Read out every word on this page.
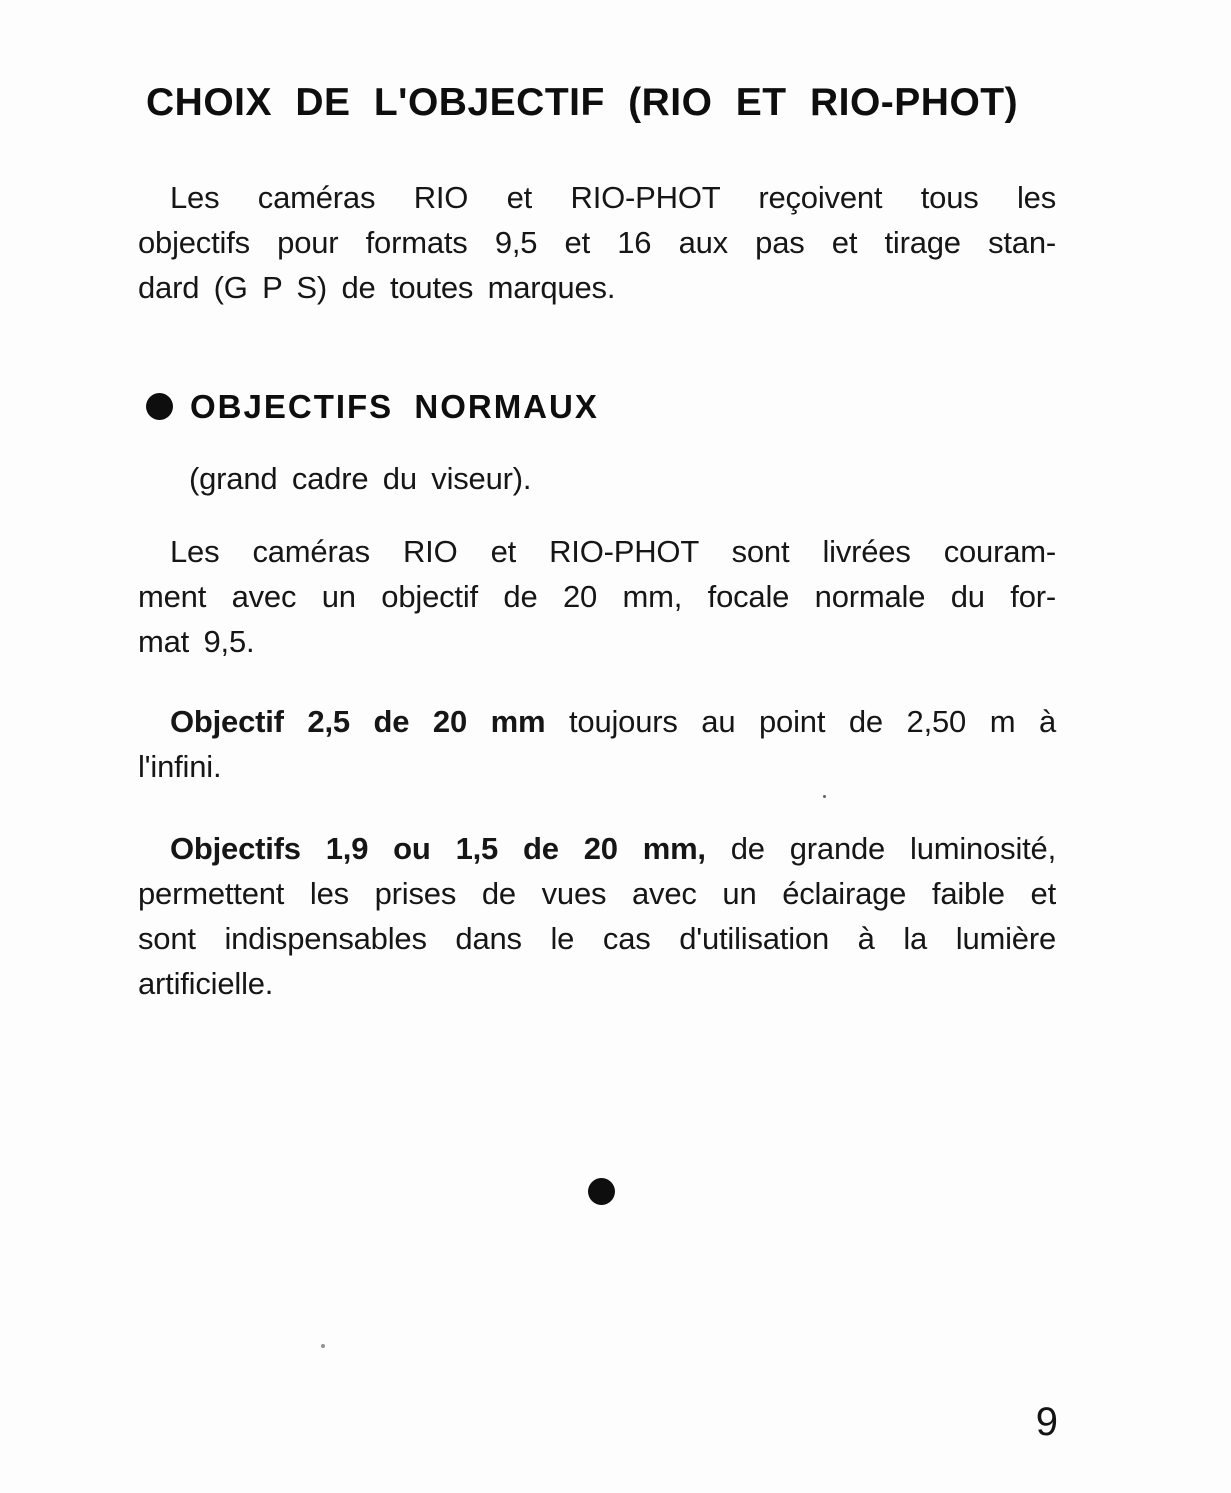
CHOIX DE L'OBJECTIF (RIO ET RIO-PHOT)
Les caméras RIO et RIO-PHOT reçoivent tous les
objectifs pour formats 9,5 et 16 aux pas et tirage stan-
dard (G P S) de toutes marques.
OBJECTIFS NORMAUX
(grand cadre du viseur).
Les caméras RIO et RIO-PHOT sont livrées couram-
ment avec un objectif de 20 mm, focale normale du for-
mat 9,5.
Objectif 2,5 de 20 mm toujours au point de 2,50 m à
l'infini.
Objectifs 1,9 ou 1,5 de 20 mm, de grande luminosité,
permettent les prises de vues avec un éclairage faible et
sont indispensables dans le cas d'utilisation à la lumière
artificielle.
9
